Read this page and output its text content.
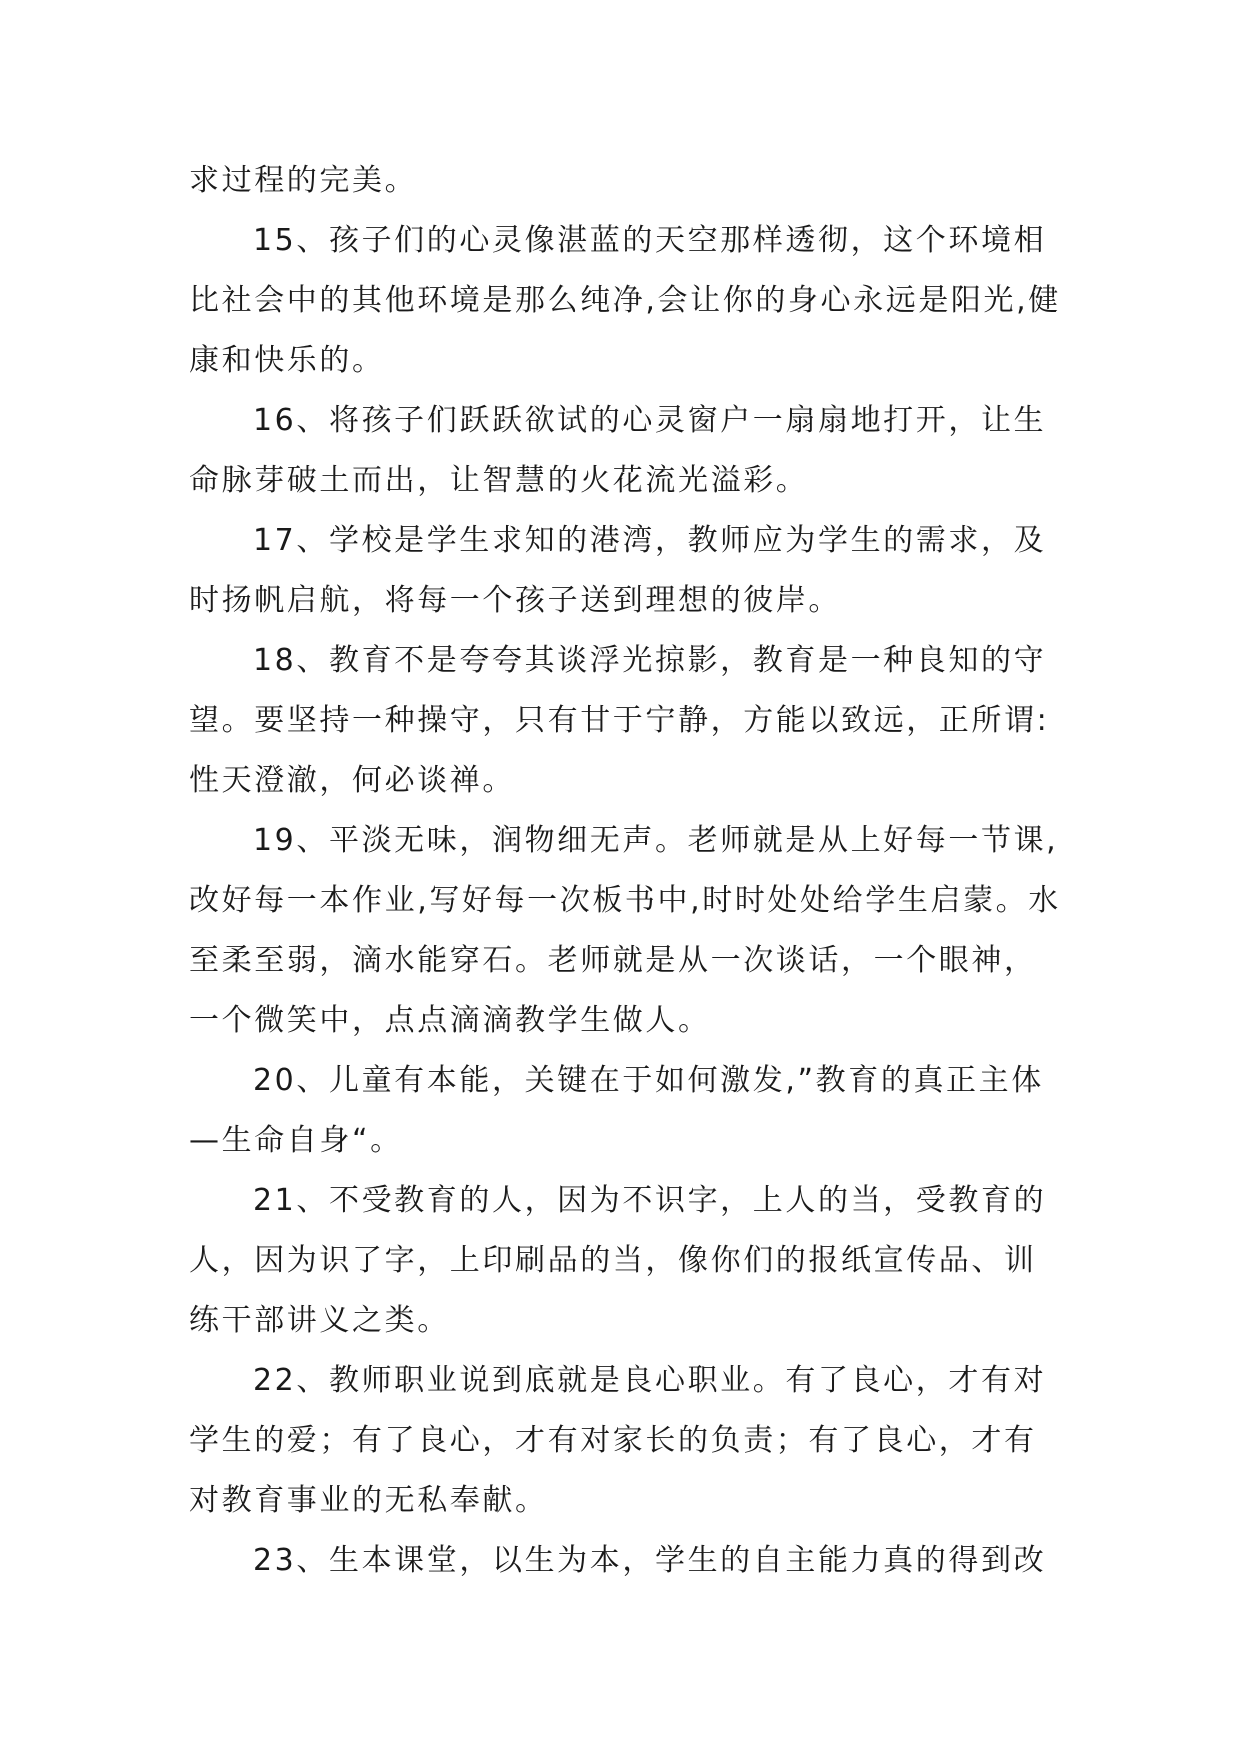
求过程的完美。

15、孩子们的心灵像湛蓝的天空那样透彻，这个环境相比社会中的其他环境是那么纯净,会让你的身心永远是阳光,健康和快乐的。

16、将孩子们跃跃欲试的心灵窗户一扇扇地打开，让生命脉芽破土而出，让智慧的火花流光溢彩。

17、学校是学生求知的港湾，教师应为学生的需求，及时扬帆启航，将每一个孩子送到理想的彼岸。

18、教育不是夸夸其谈浮光掠影，教育是一种良知的守望。要坚持一种操守，只有甘于宁静，方能以致远，正所谓:性天澄澈，何必谈禅。

19、平淡无味，润物细无声。老师就是从上好每一节课,改好每一本作业,写好每一次板书中,时时处处给学生启蒙。水至柔至弱，滴水能穿石。老师就是从一次谈话，一个眼神，一个微笑中，点点滴滴教学生做人。

20、儿童有本能，关键在于如何激发,”教育的真正主体—生命自身“。

21、不受教育的人，因为不识字，上人的当，受教育的人，因为识了字，上印刷品的当，像你们的报纸宣传品、训练干部讲义之类。

22、教师职业说到底就是良心职业。有了良心，才有对学生的爱；有了良心，才有对家长的负责；有了良心，才有对教育事业的无私奉献。

23、生本课堂，以生为本，学生的自主能力真的得到改
